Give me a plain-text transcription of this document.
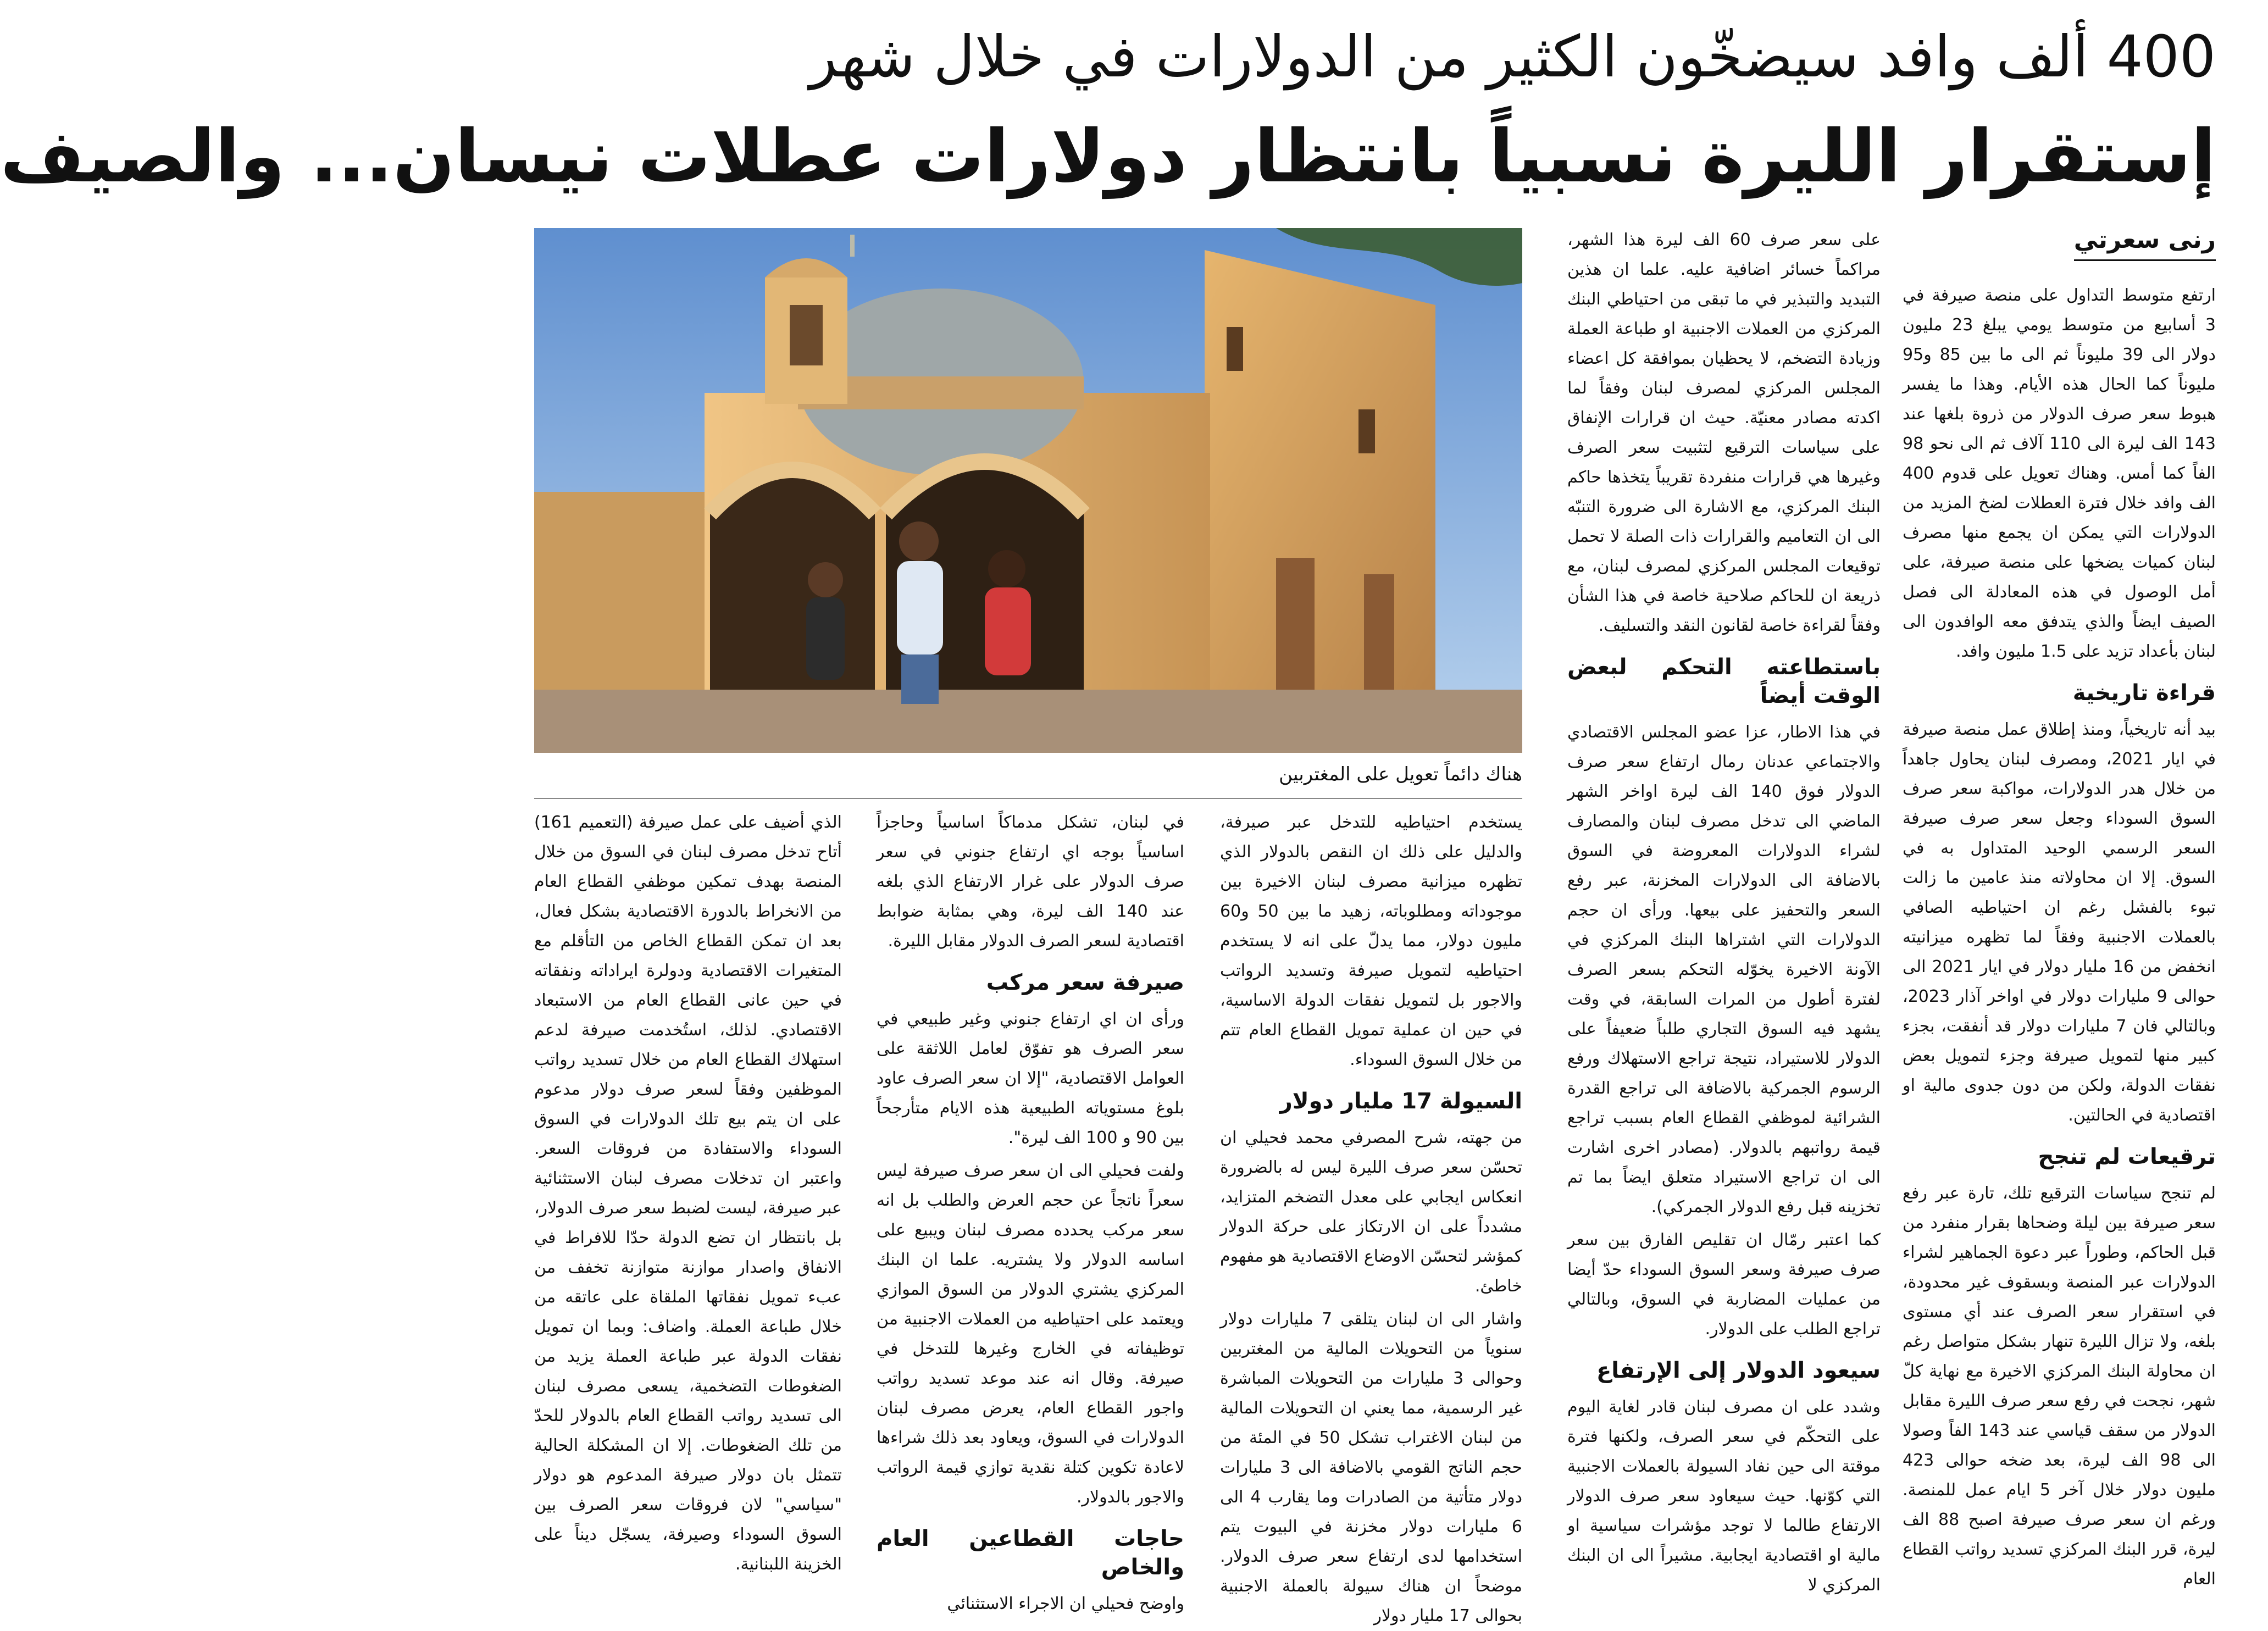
400 ألف وافد سيضخّون الكثير من الدولارات في خلال شهر
إستقرار الليرة نسبياً بانتظار دولارات عطلات نيسان... والصيف
هناك دائماً تعويل على المغتربين
رنى سعرتي

ارتفع متوسط التداول على منصة صيرفة في 3 أسابيع من متوسط يومي يبلغ 23 مليون دولار الى 39 مليوناً ثم الى ما بين 85 و95 مليوناً كما الحال هذه الأيام. وهذا ما يفسر هبوط سعر صرف الدولار من ذروة بلغها عند 143 الف ليرة الى 110 آلاف ثم الى نحو 98 الفاً كما أمس. وهناك تعويل على قدوم 400 الف وافد خلال فترة العطلات لضخ المزيد من الدولارات التي يمكن ان يجمع منها مصرف لبنان كميات يضخها على منصة صيرفة، على أمل الوصول في هذه المعادلة الى فصل الصيف ايضاً والذي يتدفق معه الوافدون الى لبنان بأعداد تزيد على 1.5 مليون وافد.

قراءة تاريخية

بيد أنه تاريخياً، ومنذ إطلاق عمل منصة صيرفة في ايار 2021، ومصرف لبنان يحاول جاهداً من خلال هدر الدولارات، مواكبة سعر صرف السوق السوداء وجعل سعر صرف صيرفة السعر الرسمي الوحيد المتداول به في السوق. إلا ان محاولاته منذ عامين ما زالت تبوء بالفشل رغم ان احتياطيه الصافي بالعملات الاجنبية وفقاً لما تظهره ميزانيته انخفض من 16 مليار دولار في ايار 2021 الى حوالى 9 مليارات دولار في اواخر آذار 2023، وبالتالي فان 7 مليارات دولار قد أنفقت، بجزء كبير منها لتمويل صيرفة وجزء لتمويل بعض نفقات الدولة، ولكن من دون جدوى مالية او اقتصادية في الحالتين.

ترقيعات لم تنجح

لم تنجح سياسات الترقيع تلك، تارة عبر رفع سعر صيرفة بين ليلة وضحاها بقرار منفرد من قبل الحاكم، وطوراً عبر دعوة الجماهير لشراء الدولارات عبر المنصة وبسقوف غير محدودة، في استقرار سعر الصرف عند أي مستوى بلغه، ولا تزال الليرة تنهار بشكل متواصل رغم ان محاولة البنك المركزي الاخيرة مع نهاية كلّ شهر، نجحت في رفع سعر صرف الليرة مقابل الدولار من سقف قياسي عند 143 الفاً وصولا الى 98 الف ليرة، بعد ضخه حوالى 423 مليون دولار خلال آخر 5 ايام عمل للمنصة. ورغم ان سعر صرف صيرفة اصبح 88 الف ليرة، قرر البنك المركزي تسديد رواتب القطاع العام

على سعر صرف 60 الف ليرة هذا الشهر، مراكماً خسائر اضافية عليه. علما ان هذين التبديد والتبذير في ما تبقى من احتياطي البنك المركزي من العملات الاجنبية او طباعة العملة وزيادة التضخم، لا يحظيان بموافقة كل اعضاء المجلس المركزي لمصرف لبنان وفقاً لما اكدته مصادر معنيّة. حيث ان قرارات الإنفاق على سياسات الترقيع لتثبيت سعر الصرف وغيرها هي قرارات منفردة تقريباً يتخذها حاكم البنك المركزي، مع الاشارة الى ضرورة التنبّه الى ان التعاميم والقرارات ذات الصلة لا تحمل توقيعات المجلس المركزي لمصرف لبنان، مع ذريعة ان للحاكم صلاحية خاصة في هذا الشأن وفقاً لقراءة خاصة لقانون النقد والتسليف.

باستطاعته التحكم لبعض الوقت أيضاً

في هذا الاطار، عزا عضو المجلس الاقتصادي والاجتماعي عدنان رمال ارتفاع سعر صرف الدولار فوق 140 الف ليرة اواخر الشهر الماضي الى تدخل مصرف لبنان والمصارف لشراء الدولارات المعروضة في السوق بالاضافة الى الدولارات المخزنة، عبر رفع السعر والتحفيز على بيعها. ورأى ان حجم الدولارات التي اشتراها البنك المركزي في الآونة الاخيرة يخوّله التحكم بسعر الصرف لفترة أطول من المرات السابقة، في وقت يشهد فيه السوق التجاري طلباً ضعيفاً على الدولار للاستيراد، نتيجة تراجع الاستهلاك ورفع الرسوم الجمركية بالاضافة الى تراجع القدرة الشرائية لموظفي القطاع العام بسبب تراجع قيمة رواتبهم بالدولار. (مصادر اخرى اشارت الى ان تراجع الاستيراد متعلق ايضاً بما تم تخزينه قبل رفع الدولار الجمركي).

كما اعتبر رمّال ان تقليص الفارق بين سعر صرف صيرفة وسعر السوق السوداء حدّ أيضا من عمليات المضاربة في السوق، وبالتالي تراجع الطلب على الدولار.

سيعود الدولار إلى الإرتفاع

وشدد على ان مصرف لبنان قادر لغاية اليوم على التحكّم في سعر الصرف، ولكنها فترة موقتة الى حين نفاد السيولة بالعملات الاجنبية التي كوّنها. حيث سيعاود سعر صرف الدولار الارتفاع طالما لا توجد مؤشرات سياسية او مالية او اقتصادية ايجابية. مشيراً الى ان البنك المركزي لا

يستخدم احتياطيه للتدخل عبر صيرفة، والدليل على ذلك ان النقص بالدولار الذي تظهره ميزانية مصرف لبنان الاخيرة بين موجوداته ومطلوباته، زهيد ما بين 50 و60 مليون دولار، مما يدلّ على انه لا يستخدم احتياطيه لتمويل صيرفة وتسديد الرواتب والاجور بل لتمويل نفقات الدولة الاساسية، في حين ان عملية تمويل القطاع العام تتم من خلال السوق السوداء.

السيولة 17 مليار دولار

من جهته، شرح المصرفي محمد فحيلي ان تحسّن سعر صرف الليرة ليس له بالضرورة انعكاس ايجابي على معدل التضخم المتزايد، مشدداً على ان الارتكاز على حركة الدولار كمؤشر لتحسّن الاوضاع الاقتصادية هو مفهوم خاطئ.

واشار الى ان لبنان يتلقى 7 مليارات دولار سنوياً من التحويلات المالية من المغتربين وحوالى 3 مليارات من التحويلات المباشرة غير الرسمية، مما يعني ان التحويلات المالية من لبنان الاغتراب تشكل 50 في المئة من حجم الناتج القومي بالاضافة الى 3 مليارات دولار متأتية من الصادرات وما يقارب 4 الى 6 مليارات دولار مخزنة في البيوت يتم استخدامها لدى ارتفاع سعر صرف الدولار. موضحاً ان هناك سيولة بالعملة الاجنبية بحوالى 17 مليار دولار

في لبنان، تشكل مدماكاً اساسياً وحاجزاً اساسياً بوجه اي ارتفاع جنوني في سعر صرف الدولار على غرار الارتفاع الذي بلغه عند 140 الف ليرة، وهي بمثابة ضوابط اقتصادية لسعر الصرف الدولار مقابل الليرة.

صيرفة سعر مركب

ورأى ان اي ارتفاع جنوني وغير طبيعي في سعر الصرف هو تفوّق لعامل اللاثقة على العوامل الاقتصادية، "إلا ان سعر الصرف عاود بلوغ مستوياته الطبيعية هذه الايام متأرجحاً بين 90 و 100 الف ليرة".

ولفت فحيلي الى ان سعر صرف صيرفة ليس سعراً ناتجاً عن حجم العرض والطلب بل انه سعر مركب يحدده مصرف لبنان ويبيع على اساسه الدولار ولا يشتريه. علما ان البنك المركزي يشتري الدولار من السوق الموازي ويعتمد على احتياطيه من العملات الاجنبية من توظيفاته في الخارج وغيرها للتدخل في صيرفة. وقال انه عند موعد تسديد رواتب واجور القطاع العام، يعرض مصرف لبنان الدولارات في السوق، ويعاود بعد ذلك شراءها لاعادة تكوين كتلة نقدية توازي قيمة الرواتب والاجور بالدولار.

حاجات القطاعين العام والخاص

واوضح فحيلي ان الاجراء الاستثنائي

الذي أضيف على عمل صيرفة (التعميم 161) أتاح تدخل مصرف لبنان في السوق من خلال المنصة بهدف تمكين موظفي القطاع العام من الانخراط بالدورة الاقتصادية بشكل فعال، بعد ان تمكن القطاع الخاص من التأقلم مع المتغيرات الاقتصادية ودولرة ايراداته ونفقاته في حين عانى القطاع العام من الاستبعاد الاقتصادي. لذلك، استُخدمت صيرفة لدعم استهلاك القطاع العام من خلال تسديد رواتب الموظفين وفقاً لسعر صرف دولار مدعوم على ان يتم بيع تلك الدولارات في السوق السوداء والاستفادة من فروقات السعر. واعتبر ان تدخلات مصرف لبنان الاستثنائية عبر صيرفة، ليست لضبط سعر صرف الدولار، بل بانتظار ان تضع الدولة حدّا للافراط في الانفاق واصدار موازنة متوازنة تخفف من عبء تمويل نفقاتها الملقاة على عاتقه من خلال طباعة العملة. واضاف: وبما ان تمويل نفقات الدولة عبر طباعة العملة يزيد من الضغوطات التضخمية، يسعى مصرف لبنان الى تسديد رواتب القطاع العام بالدولار للحدّ من تلك الضغوطات. إلا ان المشكلة الحالية تتمثل بان دولار صيرفة المدعوم هو دولار "سياسي" لان فروقات سعر الصرف بين السوق السوداء وصيرفة، يسجّل ديناً على الخزينة اللبنانية.
